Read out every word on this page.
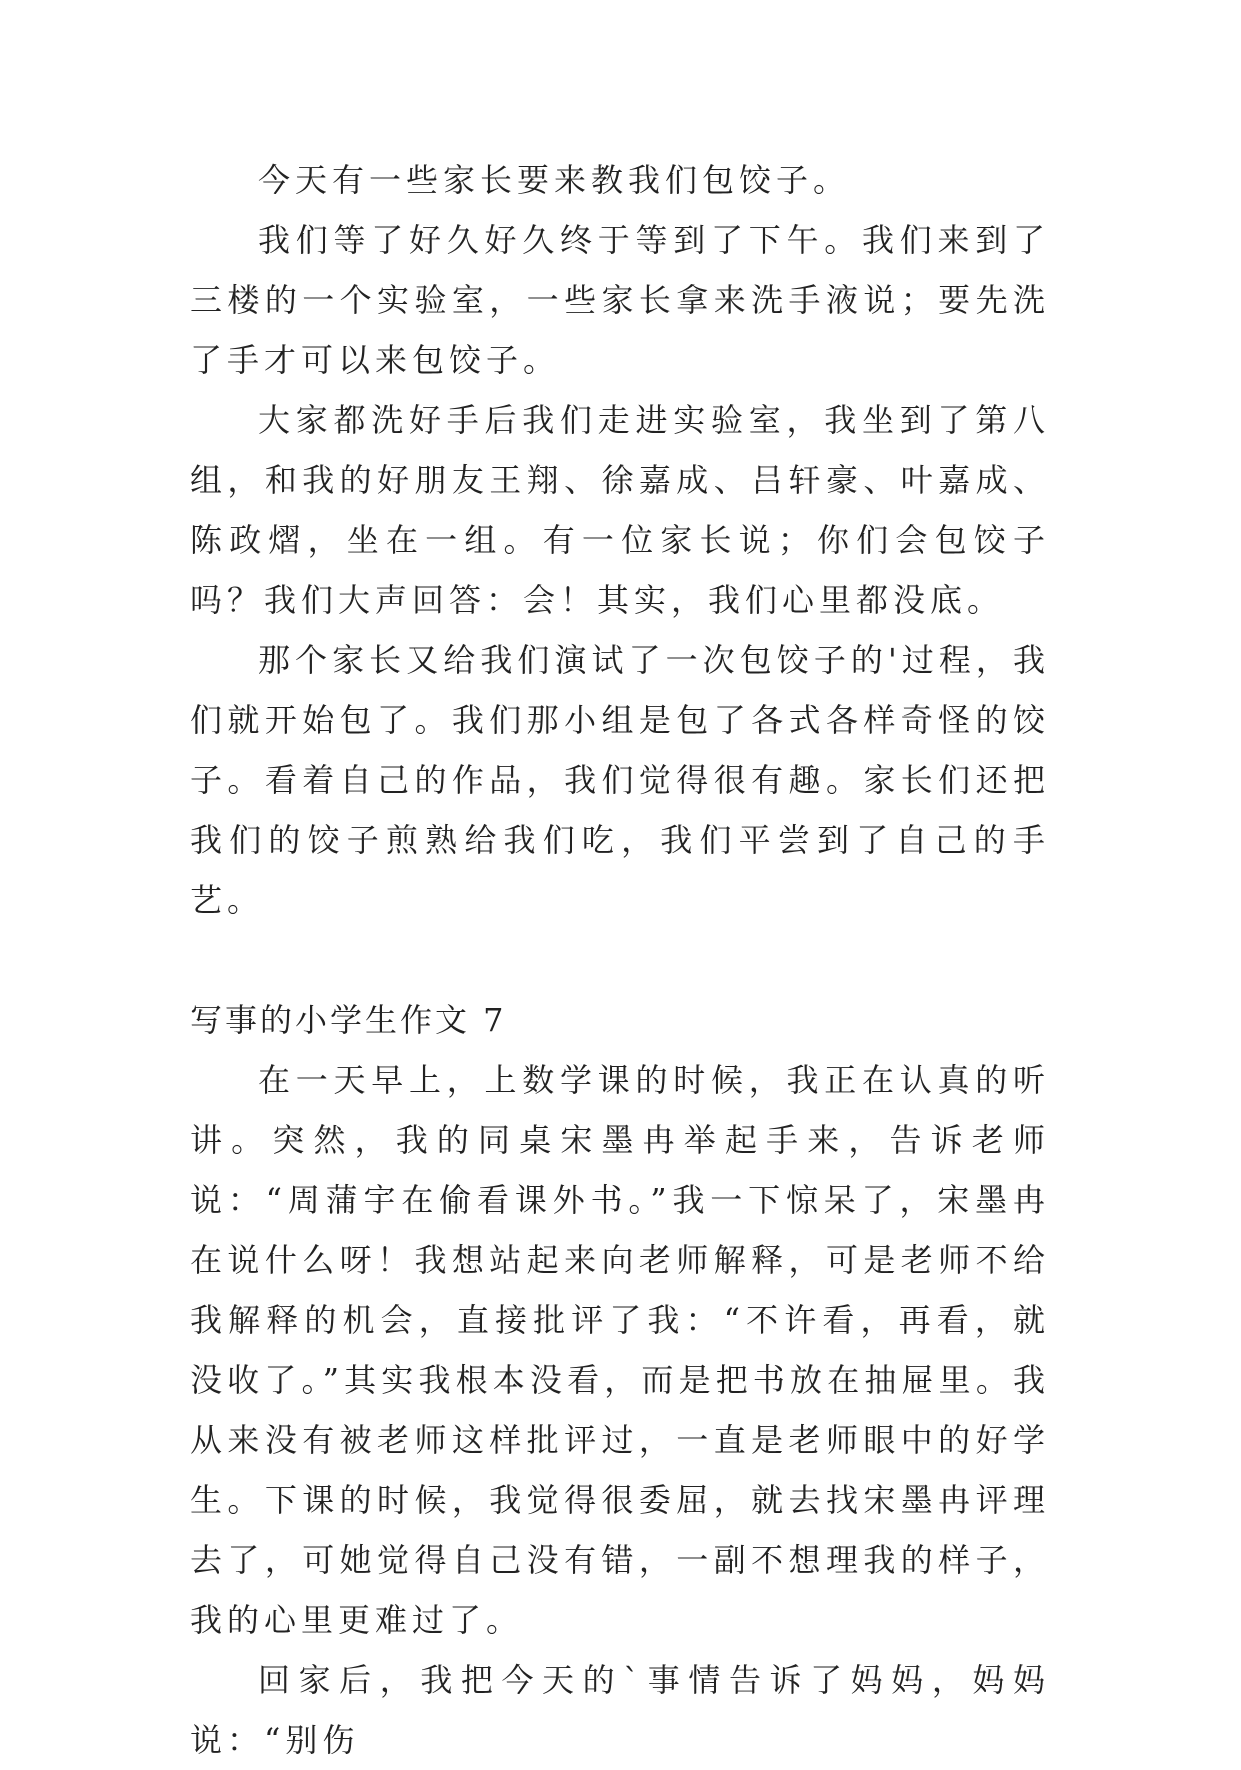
今天有一些家长要来教我们包饺子。

我们等了好久好久终于等到了下午。我们来到了三楼的一个实验室，一些家长拿来洗手液说；要先洗了手才可以来包饺子。

大家都洗好手后我们走进实验室，我坐到了第八组，和我的好朋友王翔、徐嘉成、吕轩豪、叶嘉成、陈政熠，坐在一组。有一位家长说；你们会包饺子吗？我们大声回答：会！其实，我们心里都没底。

那个家长又给我们演试了一次包饺子的'过程，我们就开始包了。我们那小组是包了各式各样奇怪的饺子。看着自己的作品，我们觉得很有趣。家长们还把我们的饺子煎熟给我们吃，我们平尝到了自己的手艺。

写事的小学生作文 7

在一天早上，上数学课的时候，我正在认真的听讲。突然，我的同桌宋墨冉举起手来，告诉老师说：“周蒲宇在偷看课外书。”我一下惊呆了，宋墨冉在说什么呀！我想站起来向老师解释，可是老师不给我解释的机会，直接批评了我：“不许看，再看，就没收了。”其实我根本没看，而是把书放在抽屉里。我从来没有被老师这样批评过，一直是老师眼中的好学生。下课的时候，我觉得很委屈，就去找宋墨冉评理去了，可她觉得自己没有错，一副不想理我的样子，我的心里更难过了。

回家后，我把今天的`事情告诉了妈妈，妈妈说：“别伤
